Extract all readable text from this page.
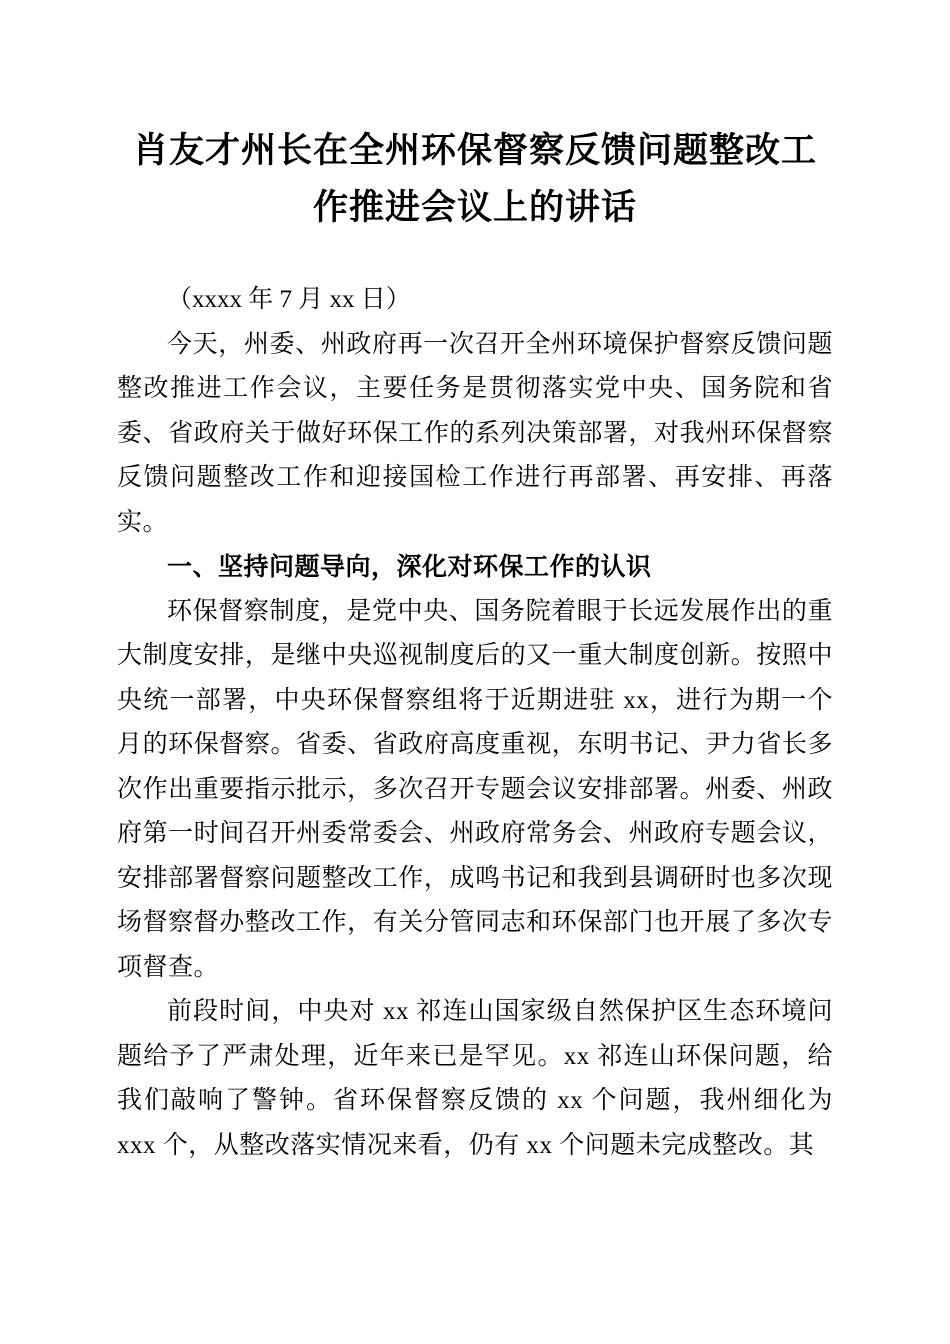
肖友才州长在全州环保督察反馈问题整改工作推进会议上的讲话

（xxxx 年 7 月 xx 日）

今天，州委、州政府再一次召开全州环境保护督察反馈问题整改推进工作会议，主要任务是贯彻落实党中央、国务院和省委、省政府关于做好环保工作的系列决策部署，对我州环保督察反馈问题整改工作和迎接国检工作进行再部署、再安排、再落实。

一、坚持问题导向，深化对环保工作的认识

环保督察制度，是党中央、国务院着眼于长远发展作出的重大制度安排，是继中央巡视制度后的又一重大制度创新。按照中央统一部署，中央环保督察组将于近期进驻 xx，进行为期一个月的环保督察。省委、省政府高度重视，东明书记、尹力省长多次作出重要指示批示，多次召开专题会议安排部署。州委、州政府第一时间召开州委常委会、州政府常务会、州政府专题会议，安排部署督察问题整改工作，成鸣书记和我到县调研时也多次现场督察督办整改工作，有关分管同志和环保部门也开展了多次专项督查。

前段时间，中央对 xx 祁连山国家级自然保护区生态环境问题给予了严肃处理，近年来已是罕见。xx 祁连山环保问题，给我们敲响了警钟。省环保督察反馈的 xx 个问题，我州细化为 xxx 个，从整改落实情况来看，仍有 xx 个问题未完成整改。其
